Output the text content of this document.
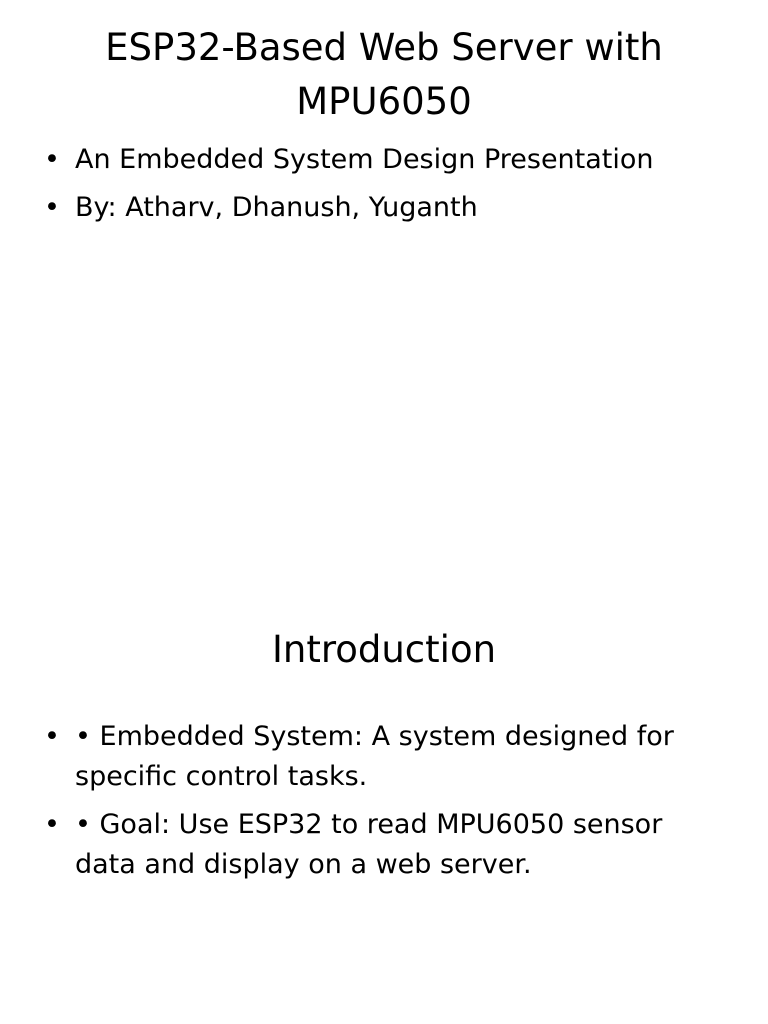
ESP32-Based Web Server with MPU6050
• An Embedded System Design Presentation
• By: Atharv, Dhanush, Yuganth
Introduction
• • Embedded System: A system designed for specific control tasks.
• • Goal: Use ESP32 to read MPU6050 sensor data and display on a web server.
